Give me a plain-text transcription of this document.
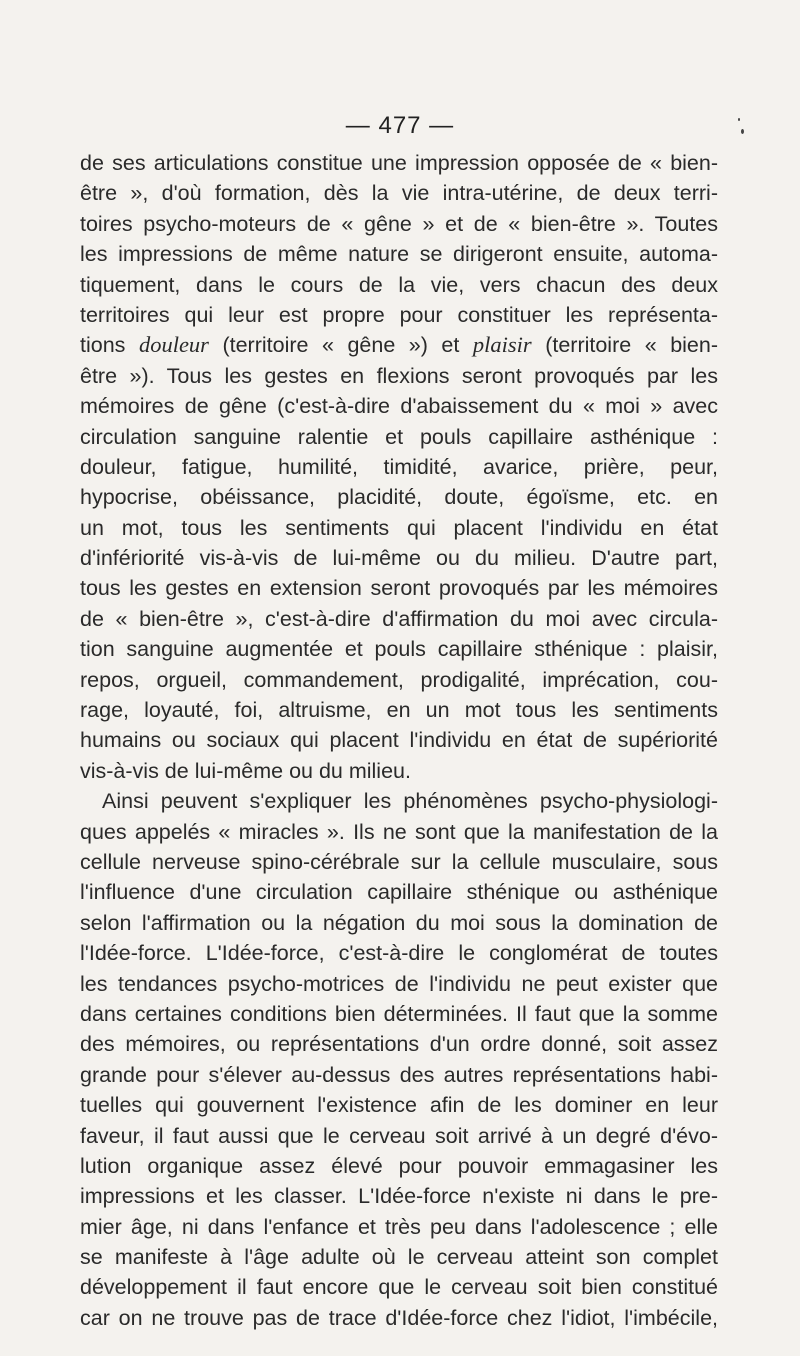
— 477 —
de ses articulations constitue une impression opposée de « bien-
être », d'où formation, dès la vie intra-utérine, de deux terri-
toires psycho-moteurs de « gêne » et de « bien-être ». Toutes
les impressions de même nature se dirigeront ensuite, automa-
tiquement, dans le cours de la vie, vers chacun des deux
territoires qui leur est propre pour constituer les représenta-
tions douleur (territoire « gêne ») et plaisir (territoire « bien-
être »). Tous les gestes en flexions seront provoqués par les
mémoires de gêne (c'est-à-dire d'abaissement du « moi » avec
circulation sanguine ralentie et pouls capillaire asthénique :
douleur, fatigue, humilité, timidité, avarice, prière, peur,
hypocrise, obéissance, placidité, doute, égoïsme, etc. en
un mot, tous les sentiments qui placent l'individu en état
d'infériorité vis-à-vis de lui-même ou du milieu. D'autre part,
tous les gestes en extension seront provoqués par les mémoires
de « bien-être », c'est-à-dire d'affirmation du moi avec circula-
tion sanguine augmentée et pouls capillaire sthénique : plaisir,
repos, orgueil, commandement, prodigalité, imprécation, cou-
rage, loyauté, foi, altruisme, en un mot tous les sentiments
humains ou sociaux qui placent l'individu en état de supériorité
vis-à-vis de lui-même ou du milieu.
Ainsi peuvent s'expliquer les phénomènes psycho-physiologi-
ques appelés « miracles ». Ils ne sont que la manifestation de la
cellule nerveuse spino-cérébrale sur la cellule musculaire, sous
l'influence d'une circulation capillaire sthénique ou asthénique
selon l'affirmation ou la négation du moi sous la domination de
l'Idée-force. L'Idée-force, c'est-à-dire le conglomérat de toutes
les tendances psycho-motrices de l'individu ne peut exister que
dans certaines conditions bien déterminées. Il faut que la somme
des mémoires, ou représentations d'un ordre donné, soit assez
grande pour s'élever au-dessus des autres représentations habi-
tuelles qui gouvernent l'existence afin de les dominer en leur
faveur, il faut aussi que le cerveau soit arrivé à un degré d'évo-
lution organique assez élevé pour pouvoir emmagasiner les
impressions et les classer. L'Idée-force n'existe ni dans le pre-
mier âge, ni dans l'enfance et très peu dans l'adolescence ; elle
se manifeste à l'âge adulte où le cerveau atteint son complet
développement il faut encore que le cerveau soit bien constitué
car on ne trouve pas de trace d'Idée-force chez l'idiot, l'imbécile,
